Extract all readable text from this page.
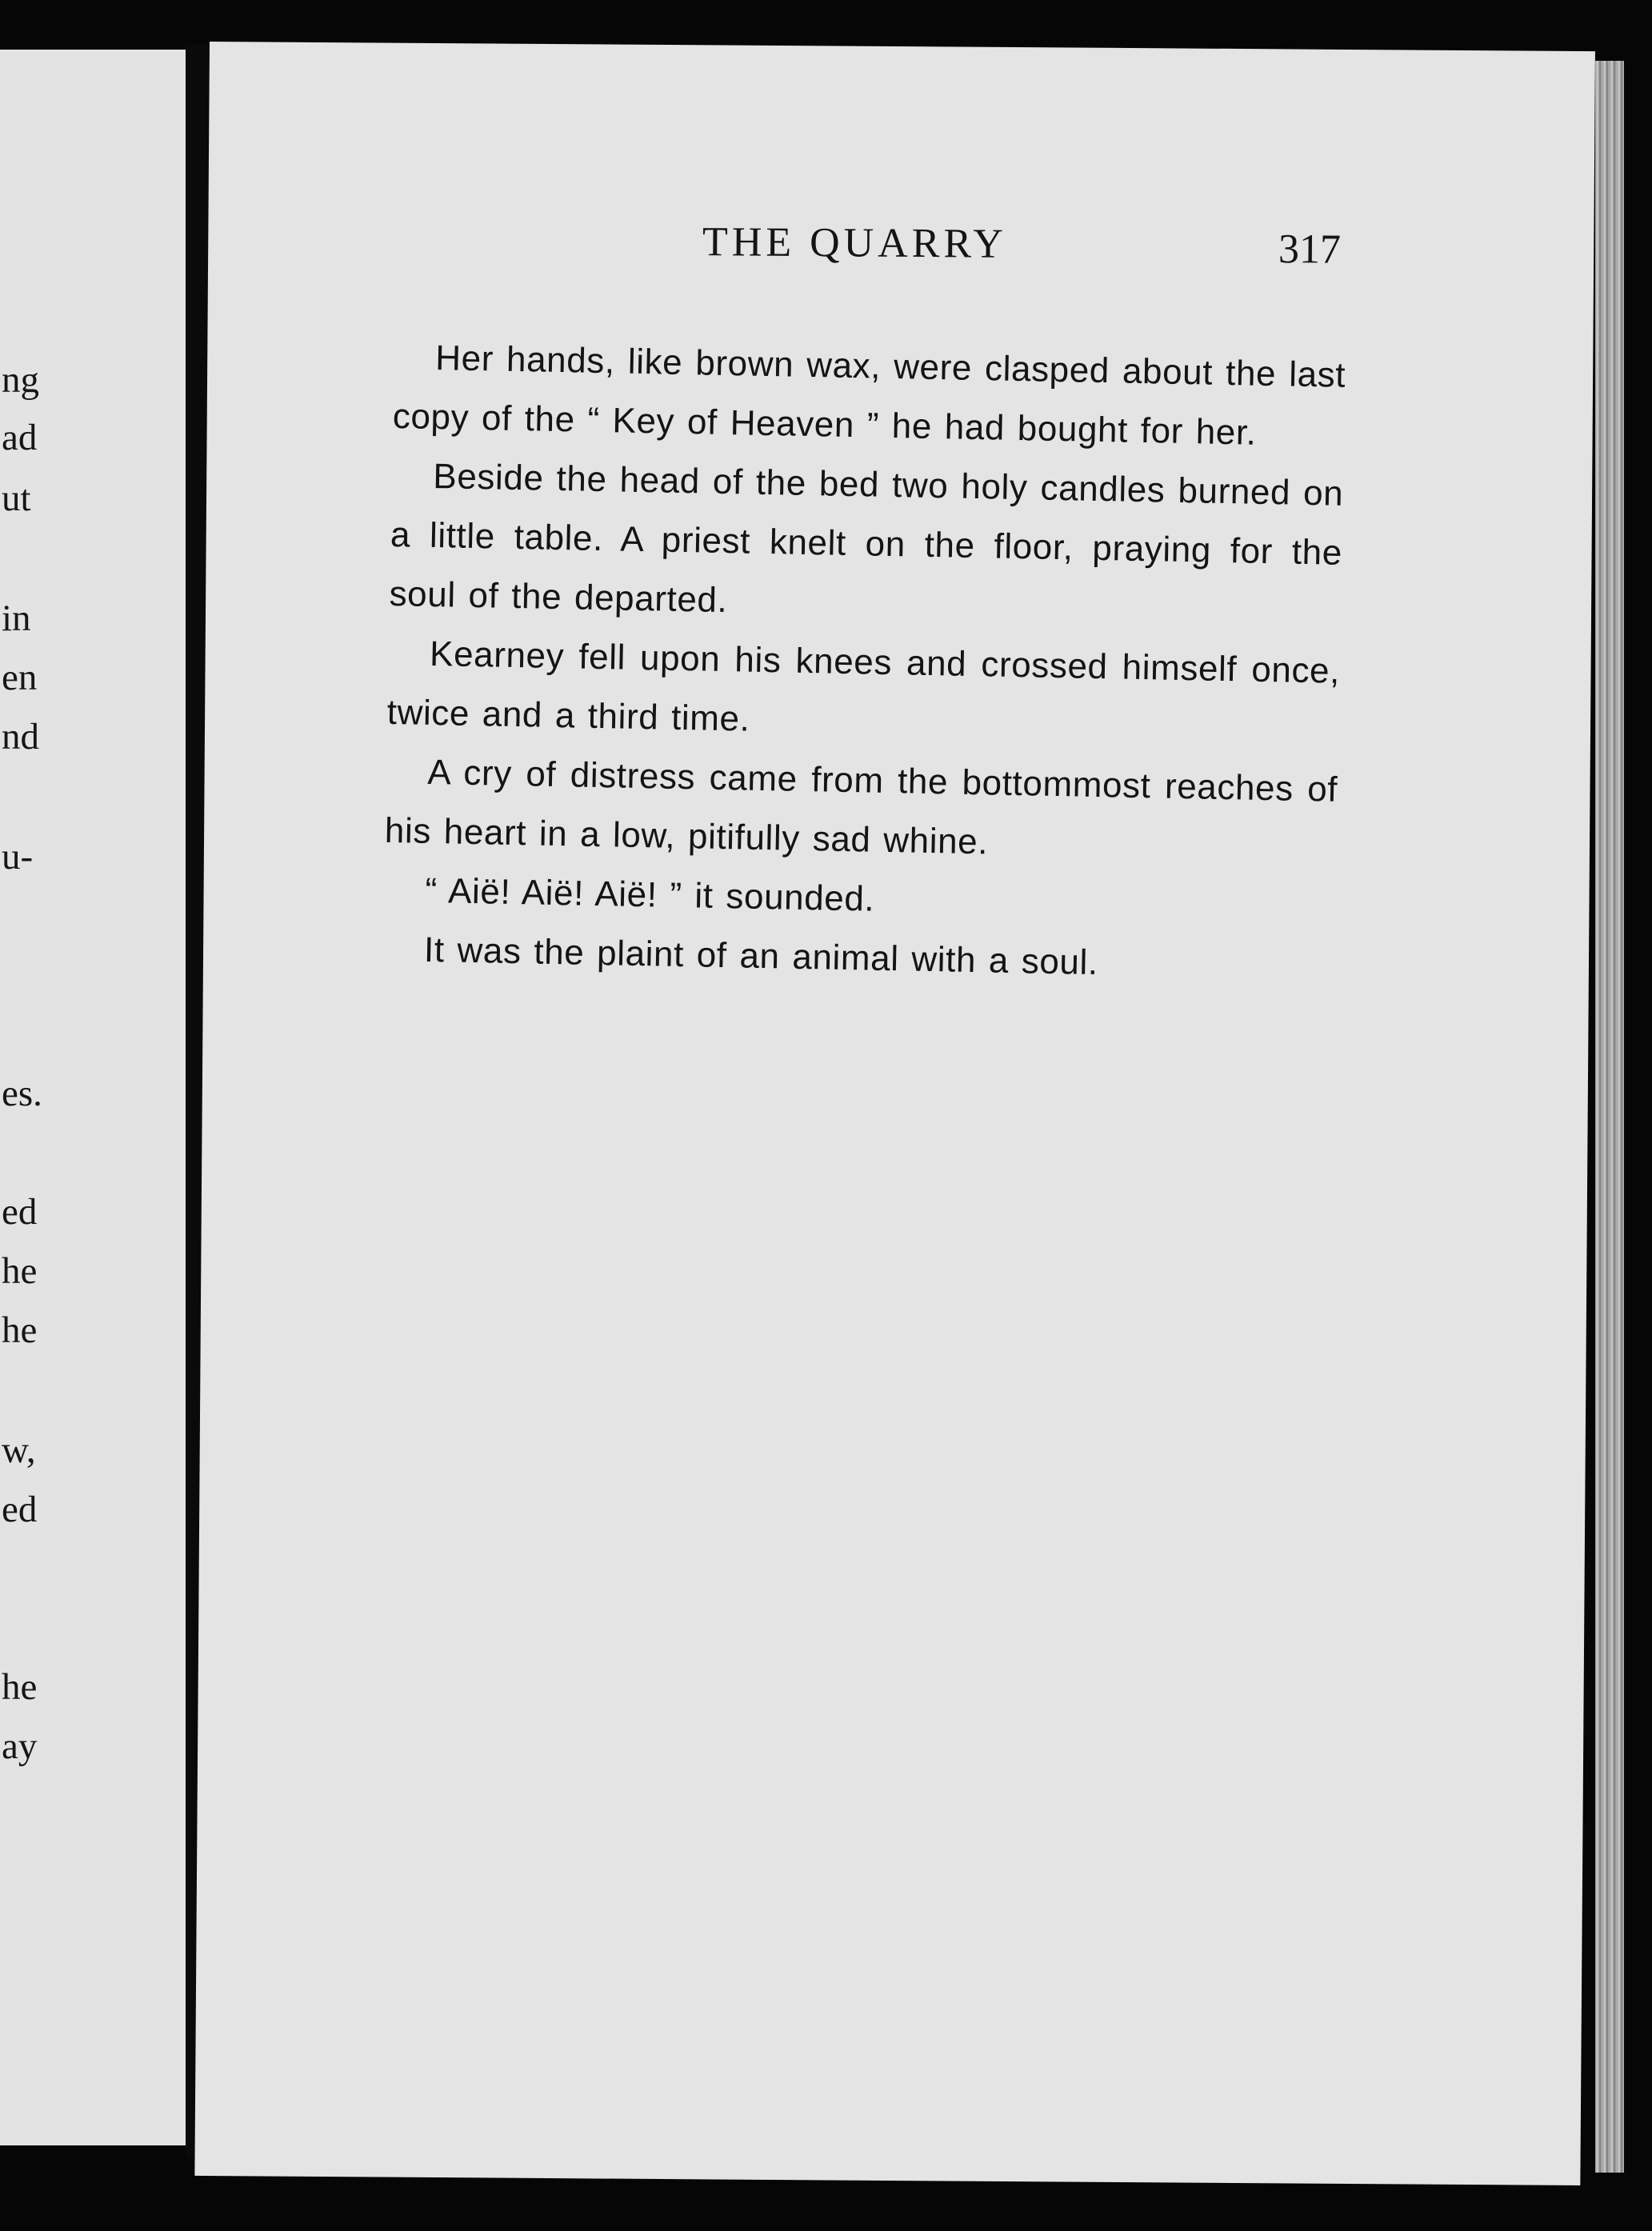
ng
ad
ut
in
en
nd
u-
es.
ed
he
he
w,
ed
he
ay
THE QUARRY	317

Her hands, like brown wax, were clasped about the last copy of the “ Key of Heaven ” he had bought for her.

Beside the head of the bed two holy candles burned on a little table. A priest knelt on the floor, praying for the soul of the departed.

Kearney fell upon his knees and crossed himself once, twice and a third time.

A cry of distress came from the bottommost reaches of his heart in a low, pitifully sad whine.

“ Aië! Aië! Aië! ” it sounded.

It was the plaint of an animal with a soul.
